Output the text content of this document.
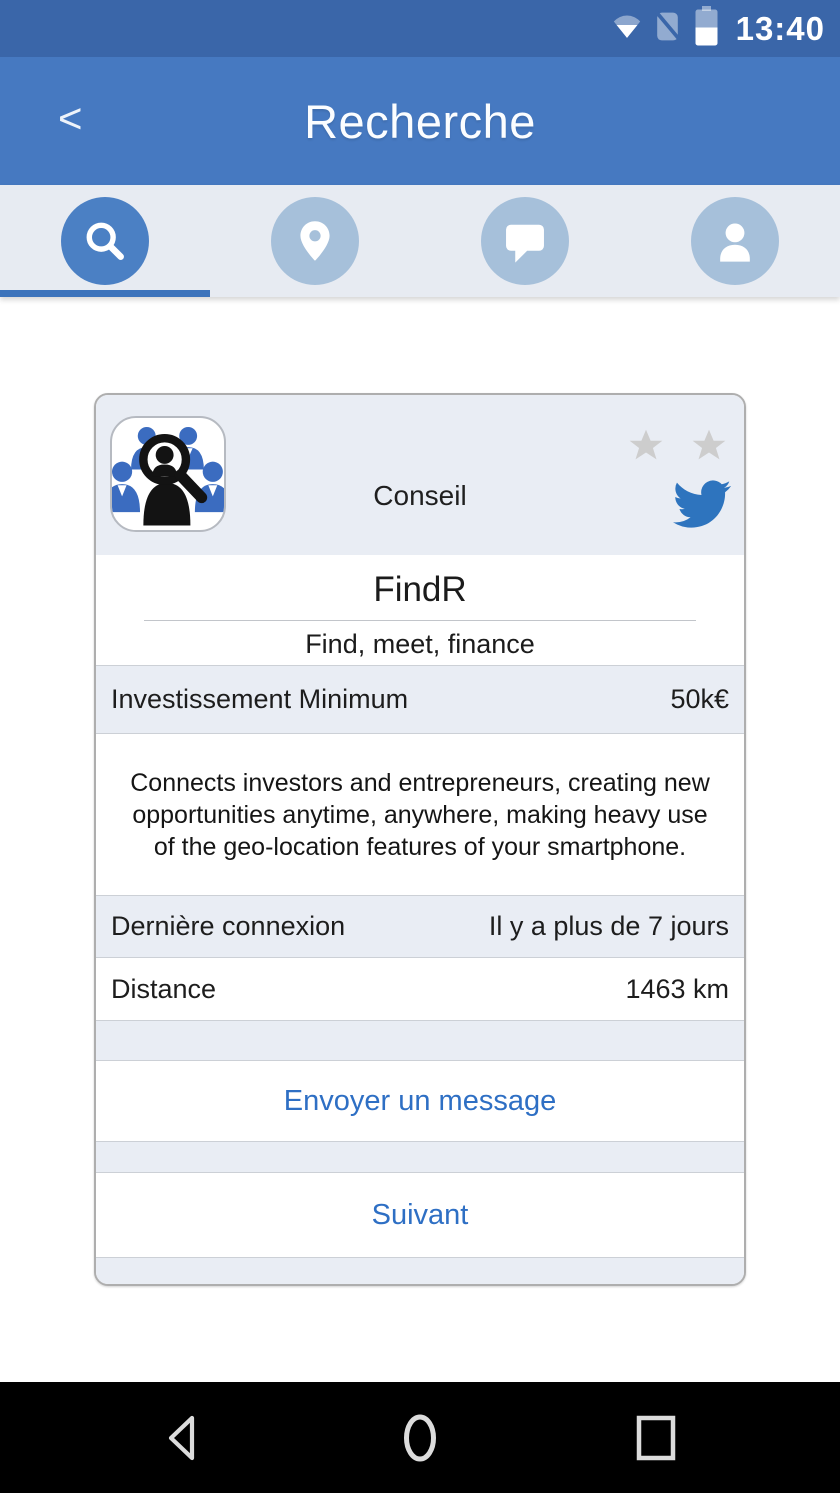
13:40
<	Recherche
Conseil
FindR
Find, meet, finance
Investissement Minimum	50k€
Connects investors and entrepreneurs, creating new opportunities anytime, anywhere, making heavy use of the geo-location features of your smartphone.
Dernière connexion	Il y a plus de 7 jours
Distance	1463 km
Envoyer un message
Suivant
